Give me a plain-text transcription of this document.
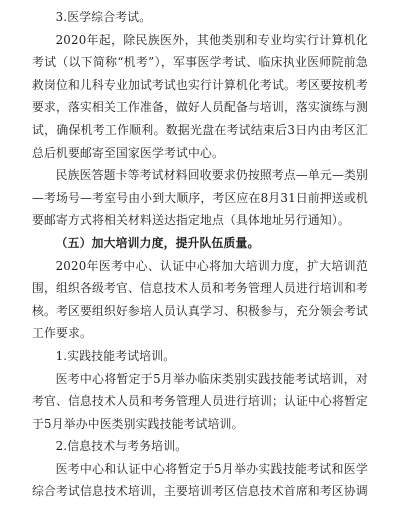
3.医学综合考试。

2020年起，除民族医外，其他类别和专业均实行计算机化考试（以下简称“机考”），军事医学考试、临床执业医师院前急救岗位和儿科专业加试考试也实行计算机化考试。考区要按机考要求，落实相关工作准备，做好人员配备与培训，落实演练与测试，确保机考工作顺利。数据光盘在考试结束后3日内由考区汇总后机要邮寄至国家医学考试中心。

民族医答题卡等考试材料回收要求仍按照考点—单元—类别—考场号—考室号由小到大顺序，考区应在8月31日前押送或机要邮寄方式将相关材料送达指定地点（具体地址另行通知）。

（五）加大培训力度，提升队伍质量。

2020年医考中心、认证中心将加大培训力度，扩大培训范围，组织各级考官、信息技术人员和考务管理人员进行培训和考核。考区要组织好参培人员认真学习、积极参与，充分领会考试工作要求。

1.实践技能考试培训。

医考中心将暂定于5月举办临床类别实践技能考试培训，对考官、信息技术人员和考务管理人员进行培训；认证中心将暂定于5月举办中医类别实践技能考试培训。

2.信息技术与考务培训。

医考中心和认证中心将暂定于5月举办实践技能考试和医学综合考试信息技术培训，主要培训考区信息技术首席和考区协调
